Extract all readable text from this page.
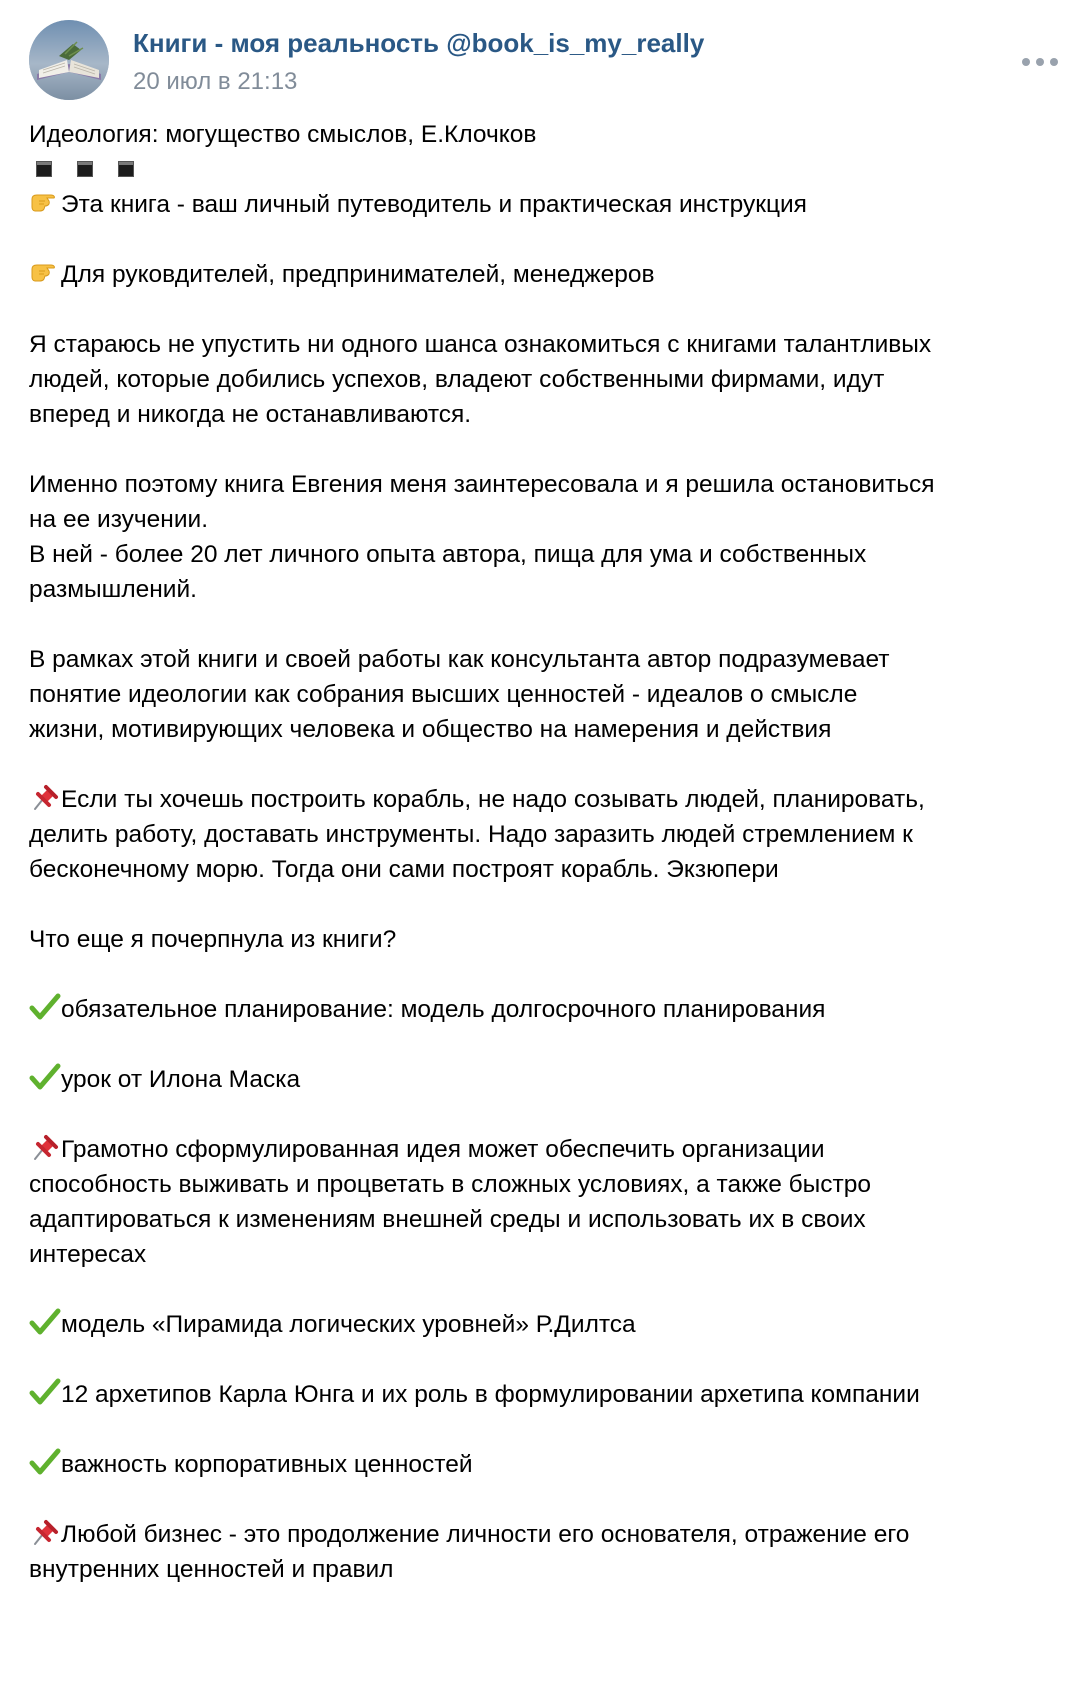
Книги - моя реальность @book_is_my_really
20 июл в 21:13
Идеология: могущество смыслов, Е.Клочков
Эта книга - ваш личный путеводитель и практическая инструкция
Для руковдителей, предпринимателей, менеджеров
Я стараюсь не упустить ни одного шанса ознакомиться с книгами талантливых
людей, которые добились успехов, владеют собственными фирмами, идут
вперед и никогда не останавливаются.
Именно поэтому книга Евгения меня заинтересовала и я решила остановиться
на ее изучении.
В ней - более 20 лет личного опыта автора, пища для ума и собственных
размышлений.
В рамках этой книги и своей работы как консультанта автор подразумевает
понятие идеологии как собрания высших ценностей - идеалов о смысле
жизни, мотивирующих человека и общество на намерения и действия
Если ты хочешь построить корабль, не надо созывать людей, планировать,
делить работу, доставать инструменты. Надо заразить людей стремлением к
бесконечному морю. Тогда они сами построят корабль. Экзюпери
Что еще я почерпнула из книги?
обязательное планирование: модель долгосрочного планирования
урок от Илона Маска
Грамотно сформулированная идея может обеспечить организации
способность выживать и процветать в сложных условиях, а также быстро
адаптироваться к изменениям внешней среды и использовать их в своих
интересах
модель «Пирамида логических уровней» Р.Дилтса
12 архетипов Карла Юнга и их роль в формулировании архетипа компании
важность корпоративных ценностей
Любой бизнес - это продолжение личности его основателя, отражение его
внутренних ценностей и правил
